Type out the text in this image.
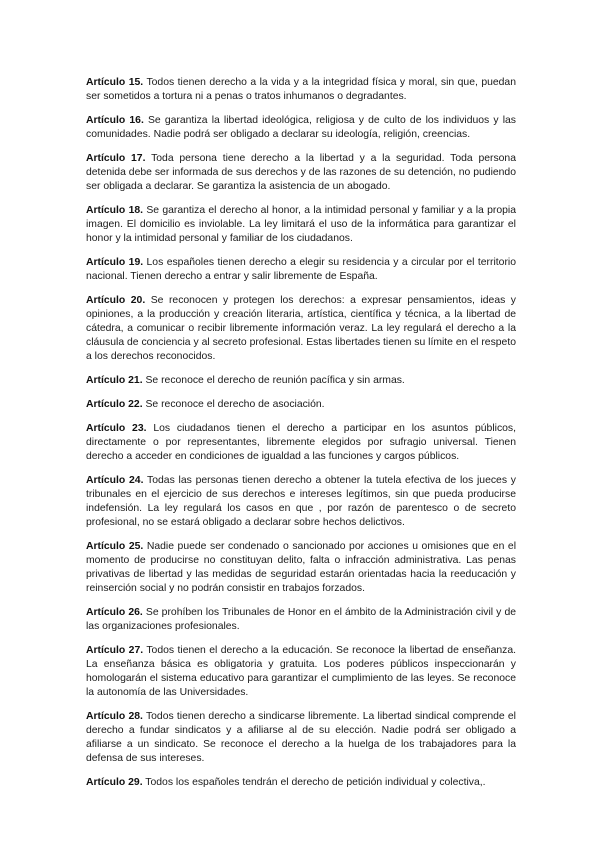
Artículo 15. Todos tienen derecho a la vida y a la integridad física y moral, sin que, puedan ser sometidos a tortura ni a penas o tratos inhumanos o degradantes.

Artículo 16. Se garantiza la libertad ideológica, religiosa y de culto de los individuos y las comunidades. Nadie podrá ser obligado a declarar su ideología, religión, creencias.

Artículo 17. Toda persona tiene derecho a la libertad y a la seguridad. Toda persona detenida debe ser informada de sus derechos y de las razones de su detención, no pudiendo ser obligada a declarar. Se garantiza la asistencia de un abogado.

Artículo 18. Se garantiza el derecho al honor, a la intimidad personal y familiar y a la propia imagen. El domicilio es inviolable. La ley limitará el uso de la informática para garantizar el honor y la intimidad personal y familiar de los ciudadanos.

Artículo 19. Los españoles tienen derecho a elegir su residencia y a circular por el territorio nacional. Tienen derecho a entrar y salir libremente de España.

Artículo 20. Se reconocen y protegen los derechos: a expresar pensamientos, ideas y opiniones, a la producción y creación literaria, artística, científica y técnica, a la libertad de cátedra, a comunicar o recibir libremente información veraz. La ley regulará el derecho a la cláusula de conciencia y al secreto profesional. Estas libertades tienen su límite en el respeto a los derechos reconocidos.

Artículo 21. Se reconoce el derecho de reunión pacífica y sin armas.

Artículo 22. Se reconoce el derecho de asociación.

Artículo 23. Los ciudadanos tienen el derecho a participar en los asuntos públicos, directamente o por representantes, libremente elegidos por sufragio universal. Tienen derecho a acceder en condiciones de igualdad a las funciones y cargos públicos.

Artículo 24. Todas las personas tienen derecho a obtener la tutela efectiva de los jueces y tribunales en el ejercicio de sus derechos e intereses legítimos, sin que pueda producirse indefensión. La ley regulará los casos en que , por razón de parentesco o de secreto profesional, no se estará obligado a declarar sobre hechos delictivos.

Artículo 25. Nadie puede ser condenado o sancionado por acciones u omisiones que en el momento de producirse no constituyan delito, falta o infracción administrativa. Las penas privativas de libertad y las medidas de seguridad estarán orientadas hacia la reeducación y reinserción social y no podrán consistir en trabajos forzados.

Artículo 26. Se prohíben los Tribunales de Honor en el ámbito de la Administración civil y de las organizaciones profesionales.

Artículo 27. Todos tienen el derecho a la educación. Se reconoce la libertad de enseñanza. La enseñanza básica es obligatoria y gratuita. Los poderes públicos inspeccionarán y homologarán el sistema educativo para garantizar el cumplimiento de las leyes. Se reconoce la autonomía de las Universidades.

Artículo 28. Todos tienen derecho a sindicarse libremente. La libertad sindical comprende el derecho a fundar sindicatos y a afiliarse al de su elección. Nadie podrá ser obligado a afiliarse a un sindicato. Se reconoce el derecho a la huelga de los trabajadores para la defensa de sus intereses.

Artículo 29. Todos los españoles tendrán el derecho de petición individual y colectiva,.
